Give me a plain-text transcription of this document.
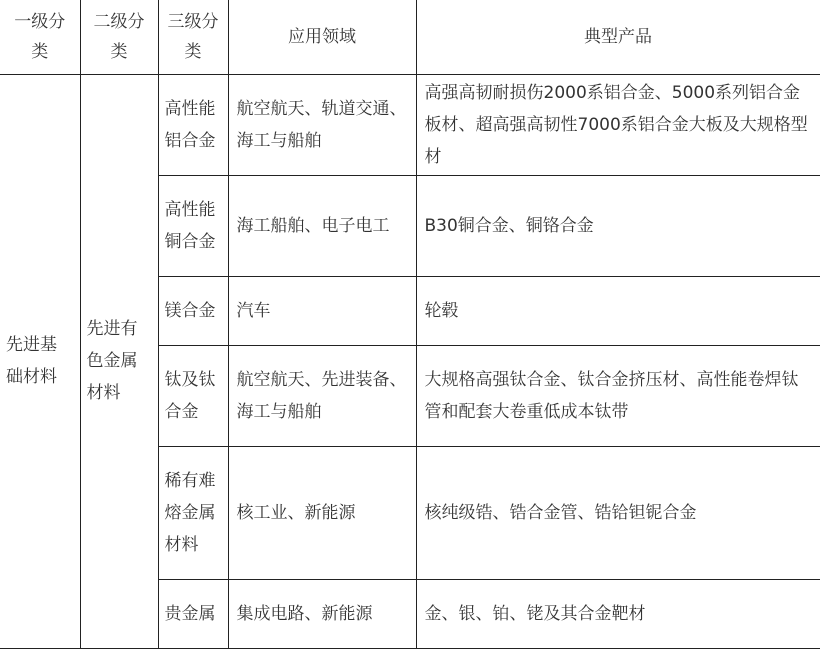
一级分类	二级分类	三级分类	应用领域	典型产品
先进基础材料	先进有色金属材料	高性能铝合金	航空航天、轨道交通、海工与船舶	高强高韧耐损伤2000系铝合金、5000系列铝合金板材、超高强高韧性7000系铝合金大板及大规格型材
		高性能铜合金	海工船舶、电子电工	B30铜合金、铜铬合金
		镁合金	汽车	轮毂
		钛及钛合金	航空航天、先进装备、海工与船舶	大规格高强钛合金、钛合金挤压材、高性能卷焊钛管和配套大卷重低成本钛带
		稀有难熔金属材料	核工业、新能源	核纯级锆、锆合金管、锆铪钽铌合金
		贵金属	集成电路、新能源	金、银、铂、铑及其合金靶材
